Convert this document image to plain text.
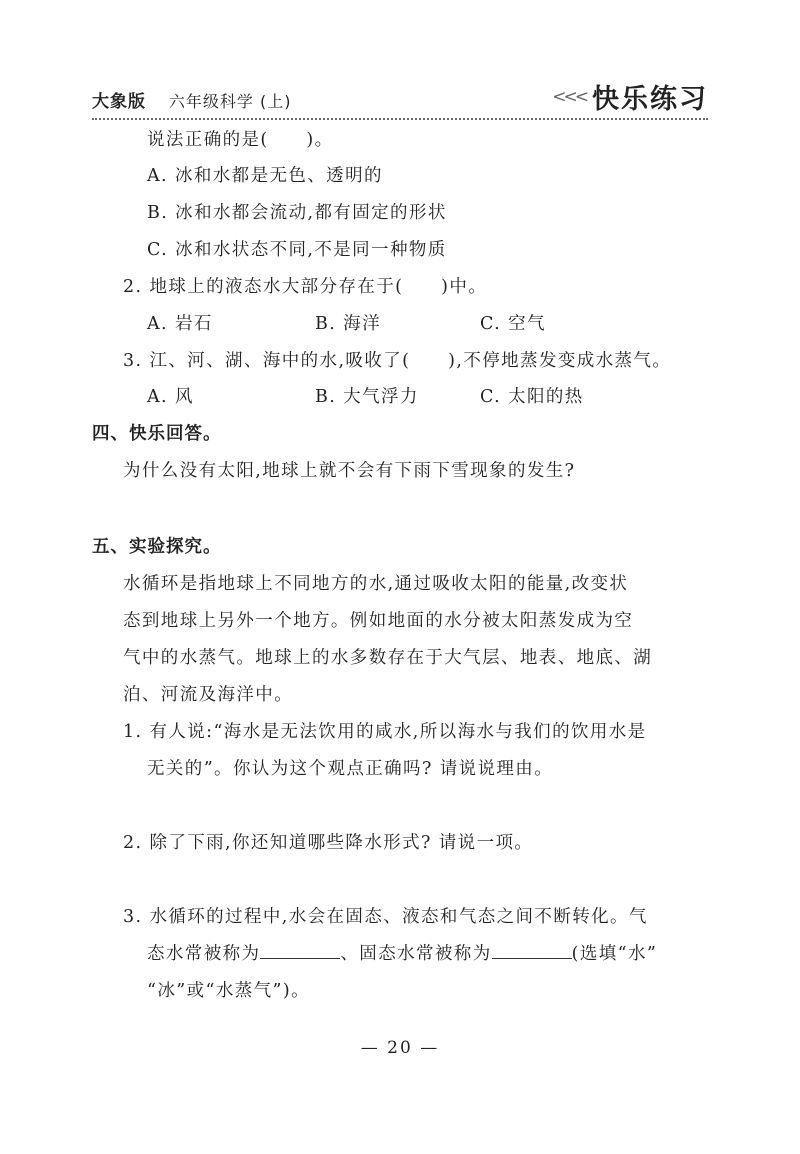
大象版 六年级科学 (上)	<<< 快乐练习
说法正确的是(　　)。
A. 冰和水都是无色、透明的
B. 冰和水都会流动,都有固定的形状
C. 冰和水状态不同,不是同一种物质
2. 地球上的液态水大部分存在于(　　)中。
A. 岩石	B. 海洋	C. 空气
3. 江、河、湖、海中的水,吸收了(　　),不停地蒸发变成水蒸气。
A. 风	B. 大气浮力	C. 太阳的热
四、快乐回答。
为什么没有太阳,地球上就不会有下雨下雪现象的发生?
五、实验探究。
水循环是指地球上不同地方的水,通过吸收太阳的能量,改变状
态到地球上另外一个地方。例如地面的水分被太阳蒸发成为空
气中的水蒸气。地球上的水多数存在于大气层、地表、地底、湖
泊、河流及海洋中。
1. 有人说:“海水是无法饮用的咸水,所以海水与我们的饮用水是
无关的”。你认为这个观点正确吗? 请说说理由。
2. 除了下雨,你还知道哪些降水形式? 请说一项。
3. 水循环的过程中,水会在固态、液态和气态之间不断转化。气
态水常被称为	、固态水常被称为	(选填“水”
“冰”或“水蒸气”)。
— 20 —
